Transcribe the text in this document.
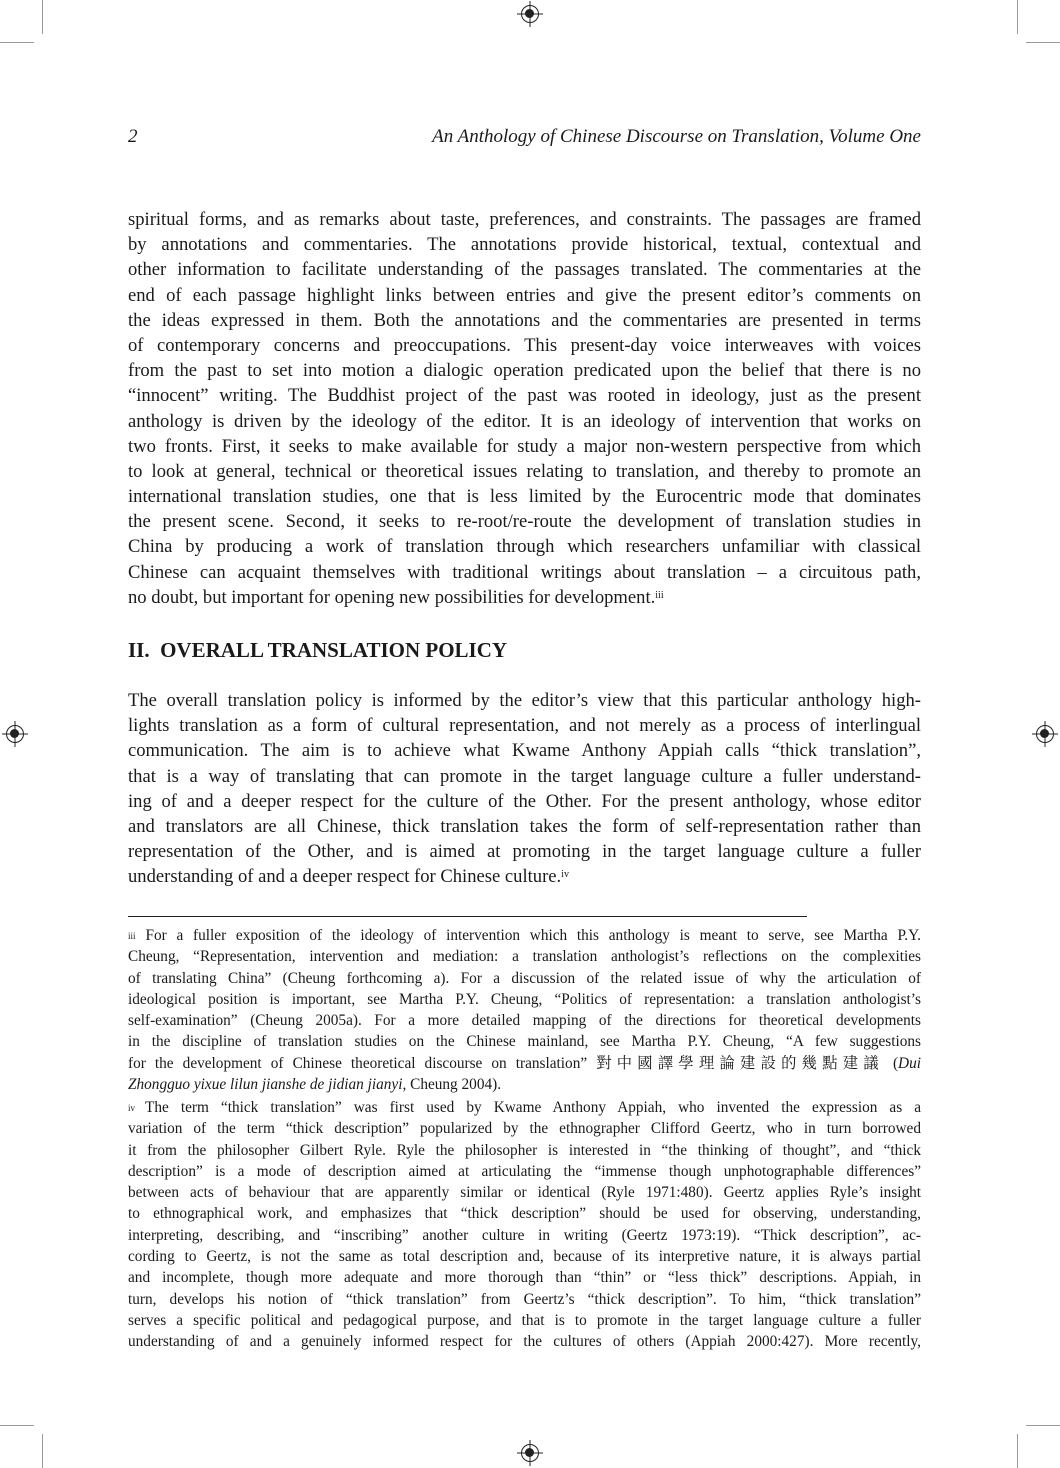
2	An Anthology of Chinese Discourse on Translation, Volume One
spiritual forms, and as remarks about taste, preferences, and constraints. The passages are framed
by annotations and commentaries. The annotations provide historical, textual, contextual and
other information to facilitate understanding of the passages translated. The commentaries at the
end of each passage highlight links between entries and give the present editor’s comments on
the ideas expressed in them. Both the annotations and the commentaries are presented in terms
of contemporary concerns and preoccupations. This present-day voice interweaves with voices
from the past to set into motion a dialogic operation predicated upon the belief that there is no
“innocent” writing. The Buddhist project of the past was rooted in ideology, just as the present
anthology is driven by the ideology of the editor. It is an ideology of intervention that works on
two fronts. First, it seeks to make available for study a major non-western perspective from which
to look at general, technical or theoretical issues relating to translation, and thereby to promote an
international translation studies, one that is less limited by the Eurocentric mode that dominates
the present scene. Second, it seeks to re-root/re-route the development of translation studies in
China by producing a work of translation through which researchers unfamiliar with classical
Chinese can acquaint themselves with traditional writings about translation – a circuitous path,
no doubt, but important for opening new possibilities for development.$^{iii}$
II.  OVERALL TRANSLATION POLICY
The overall translation policy is informed by the editor’s view that this particular anthology high-
lights translation as a form of cultural representation, and not merely as a process of interlingual
communication. The aim is to achieve what Kwame Anthony Appiah calls “thick translation”,
that is a way of translating that can promote in the target language culture a fuller understand-
ing of and a deeper respect for the culture of the Other. For the present anthology, whose editor
and translators are all Chinese, thick translation takes the form of self-representation rather than
representation of the Other, and is aimed at promoting in the target language culture a fuller
understanding of and a deeper respect for Chinese culture.$^{iv}$
$^{iii}$ For a fuller exposition of the ideology of intervention which this anthology is meant to serve, see Martha P.Y.
Cheung, “Representation, intervention and mediation: a translation anthologist’s reflections on the complexities
of translating China” (Cheung forthcoming a). For a discussion of the related issue of why the articulation of
ideological position is important, see Martha P.Y. Cheung, “Politics of representation: a translation anthologist’s
self-examination” (Cheung 2005a). For a more detailed mapping of the directions for theoretical developments
in the discipline of translation studies on the Chinese mainland, see Martha P.Y. Cheung, “A few suggestions
for the development of Chinese theoretical discourse on translation” 對中國譯學理論建設的幾點建議 (Dui
Zhongguo yixue lilun jianshe de jidian jianyi, Cheung 2004).
$^{iv}$ The term “thick translation” was first used by Kwame Anthony Appiah, who invented the expression as a
variation of the term “thick description” popularized by the ethnographer Clifford Geertz, who in turn borrowed
it from the philosopher Gilbert Ryle. Ryle the philosopher is interested in “the thinking of thought”, and “thick
description” is a mode of description aimed at articulating the “immense though unphotographable differences”
between acts of behaviour that are apparently similar or identical (Ryle 1971:480). Geertz applies Ryle’s insight
to ethnographical work, and emphasizes that “thick description” should be used for observing, understanding,
interpreting, describing, and “inscribing” another culture in writing (Geertz 1973:19). “Thick description”, ac-
cording to Geertz, is not the same as total description and, because of its interpretive nature, it is always partial
and incomplete, though more adequate and more thorough than “thin” or “less thick” descriptions. Appiah, in
turn, develops his notion of “thick translation” from Geertz’s “thick description”. To him, “thick translation”
serves a specific political and pedagogical purpose, and that is to promote in the target language culture a fuller
understanding of and a genuinely informed respect for the cultures of others (Appiah 2000:427). More recently,
